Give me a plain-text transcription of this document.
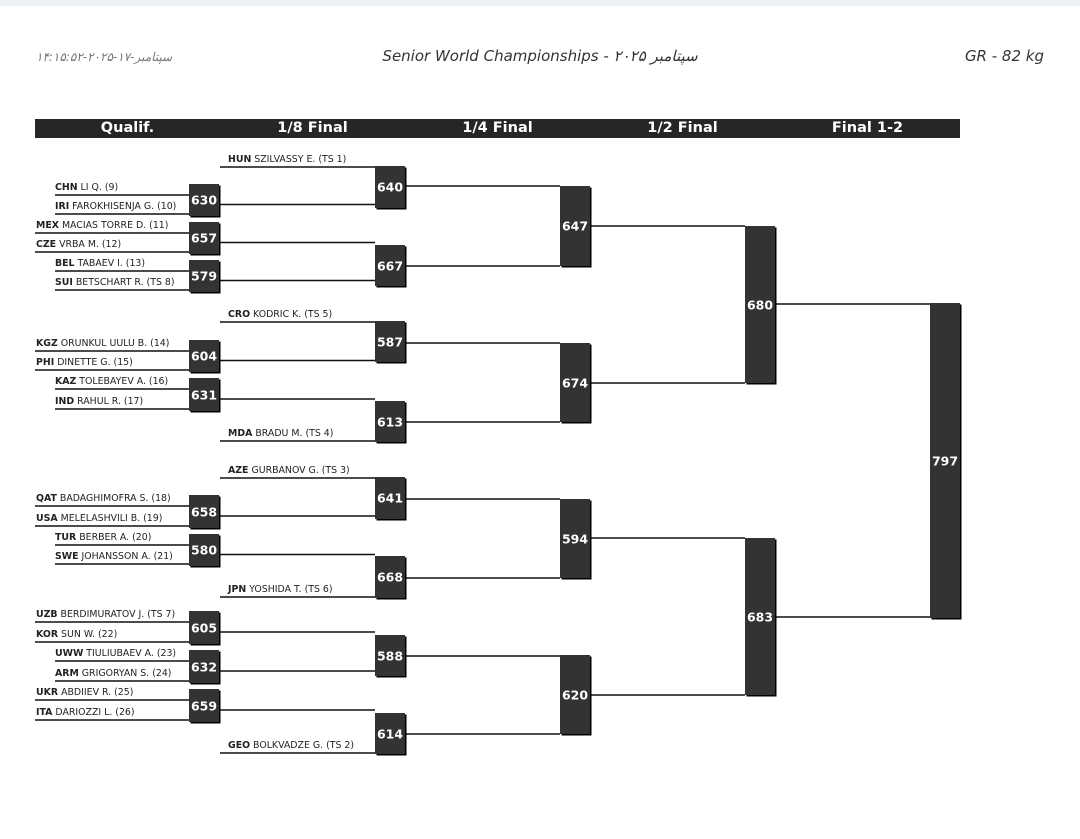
سپتامبر-۱۷-۲۰۲۵-۱۴:۱۵:۵۲	Senior World Championships - سپتامبر ۲۰۲۵	GR - 82 kg
Qualif.	1/8 Final	1/4 Final	1/2 Final	Final 1-2
HUN SZILVASSY E. (TS 1)
CHN LI Q. (9)
IRI FAROKHISENJA G. (10) 630
640
MEX MACIAS TORRE D. (11)
CZE VRBA M. (12)	657
BEL TABAEV I. (13)
SUI BETSCHART R. (TS 8) 579
667
647
CRO KODRIC K. (TS 5)
KGZ ORUNKUL UULU B. (14)
PHI DINETTE G. (15)	604
587
KAZ TOLEBAYEV A. (16)
IND RAHUL R. (17)	631
MDA BRADU M. (TS 4)
613
674
AZE GURBANOV G. (TS 3)
QAT BADAGHIMOFRA S. (18)
USA MELELASHVILI B. (19) 658
641
TUR BERBER A. (20)
SWE JOHANSSON A. (21) 580
JPN YOSHIDA T. (TS 6)
668
594
UZB BERDIMURATOV J. (TS 7)
KOR SUN W. (22)	605
UWW TIULIUBAEV A. (23)
ARM GRIGORYAN S. (24) 632
588
UKR ABDIIEV R. (25)
ITA DARIOZZI L. (26)	659
GEO BOLKVADZE G. (TS 2)
614
620
680
683
797
